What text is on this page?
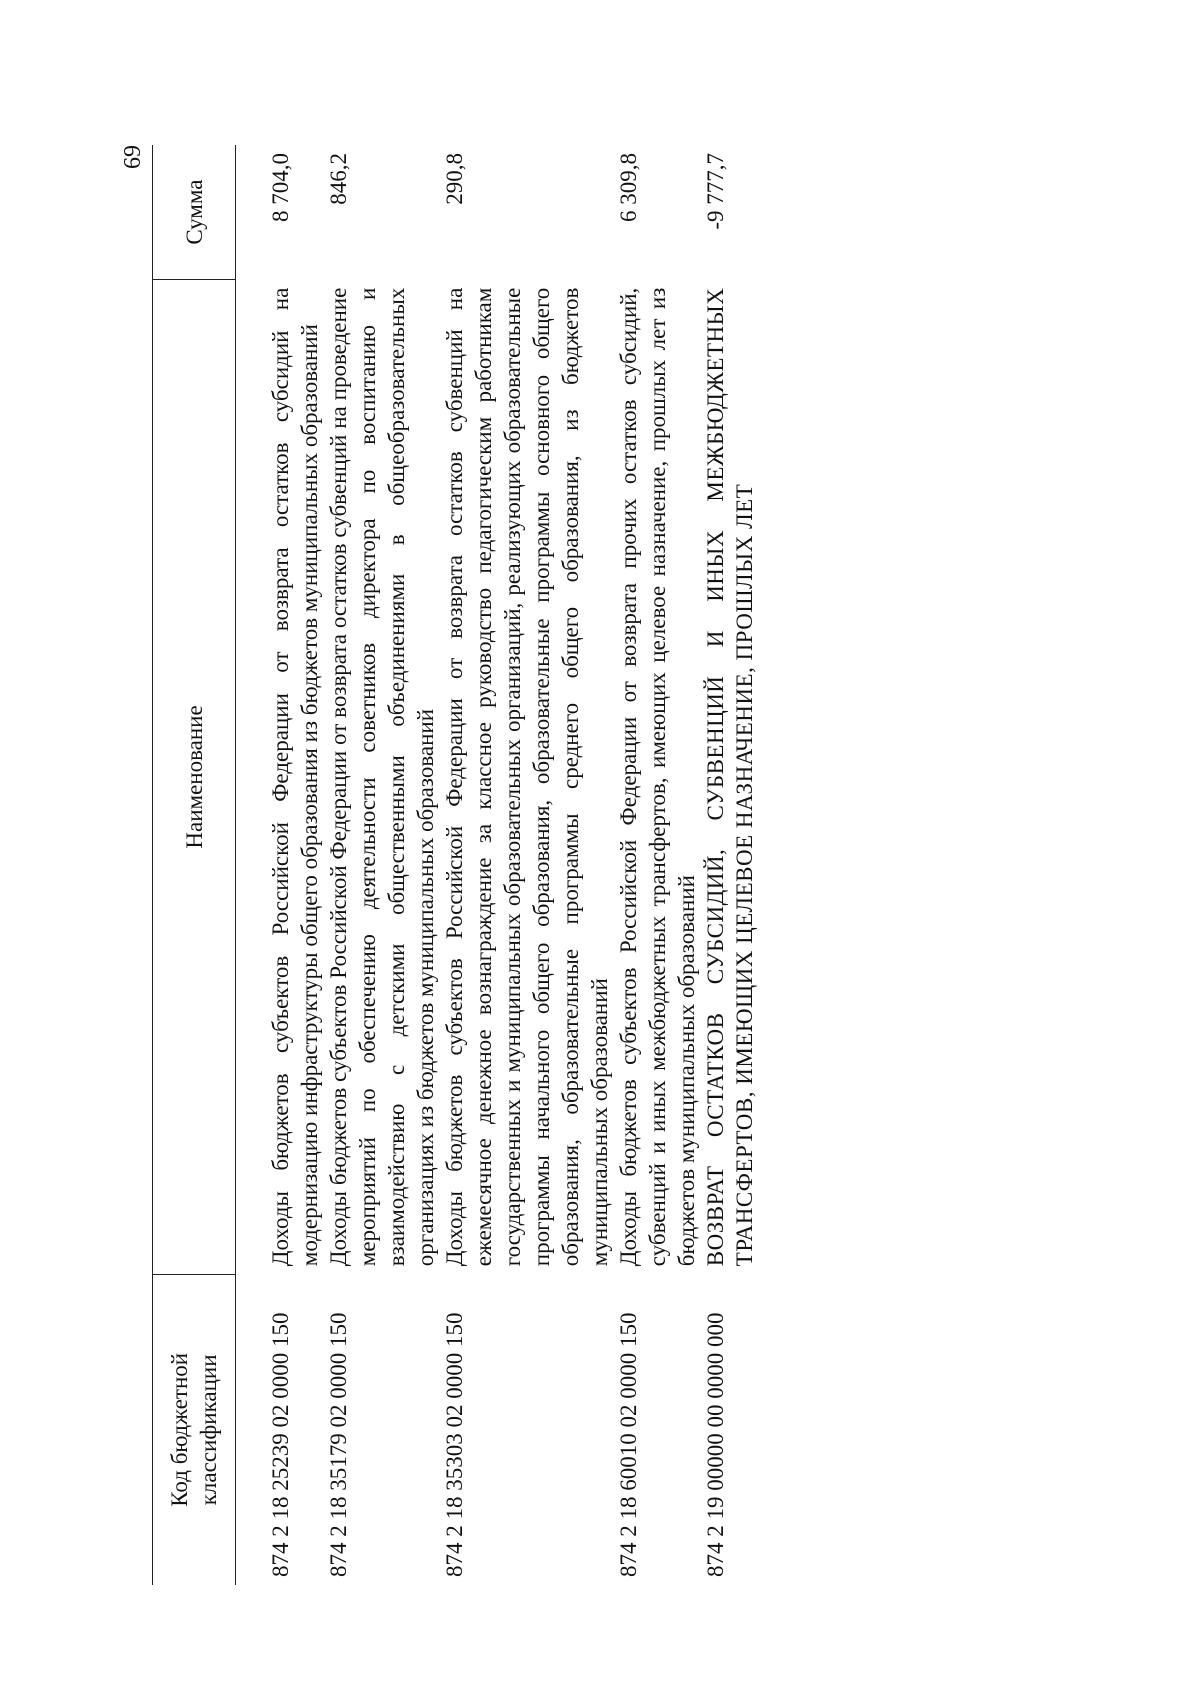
69
Код бюджетной классификации	Наименование	Сумма
874 2 18 25239 02 0000 150	Доходы бюджетов субъектов Российской Федерации от возврата остатков субсидий на модернизацию инфраструктуры общего образования из бюджетов муниципальных образований	8 704,0
874 2 18 35179 02 0000 150	Доходы бюджетов субъектов Российской Федерации от возврата остатков субвенций на проведение мероприятий по обеспечению деятельности советников директора по воспитанию и взаимодействию с детскими общественными объединениями в общеобразовательных организациях из бюджетов муниципальных образований	846,2
874 2 18 35303 02 0000 150	Доходы бюджетов субъектов Российской Федерации от возврата остатков субвенций на ежемесячное денежное вознаграждение за классное руководство педагогическим работникам государственных и муниципальных образовательных организаций, реализующих образовательные программы начального общего образования, образовательные программы основного общего образования, образовательные программы среднего общего образования, из бюджетов муниципальных образований	290,8
874 2 18 60010 02 0000 150	Доходы бюджетов субъектов Российской Федерации от возврата прочих остатков субсидий, субвенций и иных межбюджетных трансфертов, имеющих целевое назначение, прошлых лет из бюджетов муниципальных образований	6 309,8
874 2 19 00000 00 0000 000	ВОЗВРАТ ОСТАТКОВ СУБСИДИЙ, СУБВЕНЦИЙ И ИНЫХ МЕЖБЮДЖЕТНЫХ ТРАНСФЕРТОВ, ИМЕЮЩИХ ЦЕЛЕВОЕ НАЗНАЧЕНИЕ, ПРОШЛЫХ ЛЕТ	-9 777,7
